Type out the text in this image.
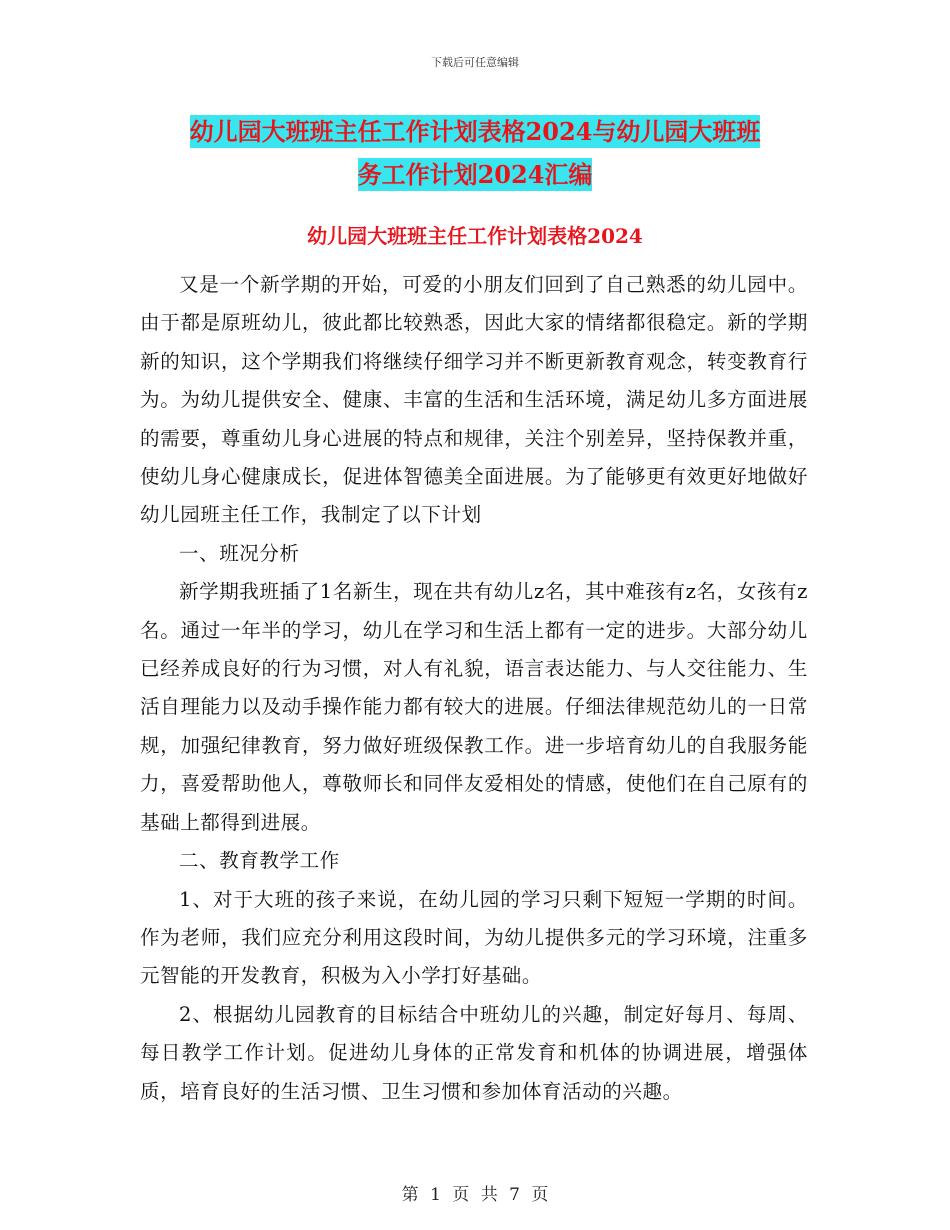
下载后可任意编辑
幼儿园大班班主任工作计划表格2024与幼儿园大班班
务工作计划2024汇编
幼儿园大班班主任工作计划表格2024

又是一个新学期的开始，可爱的小朋友们回到了自己熟悉的幼儿园中。由于都是原班幼儿，彼此都比较熟悉，因此大家的情绪都很稳定。新的学期新的知识，这个学期我们将继续仔细学习并不断更新教育观念，转变教育行为。为幼儿提供安全、健康、丰富的生活和生活环境，满足幼儿多方面进展的需要，尊重幼儿身心进展的特点和规律，关注个别差异，坚持保教并重，使幼儿身心健康成长，促进体智德美全面进展。为了能够更有效更好地做好幼儿园班主任工作，我制定了以下计划

一、班况分析

新学期我班插了1名新生，现在共有幼儿z名，其中难孩有z名，女孩有z名。通过一年半的学习，幼儿在学习和生活上都有一定的进步。大部分幼儿已经养成良好的行为习惯，对人有礼貌，语言表达能力、与人交往能力、生活自理能力以及动手操作能力都有较大的进展。仔细法律规范幼儿的一日常规，加强纪律教育，努力做好班级保教工作。进一步培育幼儿的自我服务能力，喜爱帮助他人，尊敬师长和同伴友爱相处的情感，使他们在自己原有的基础上都得到进展。

二、教育教学工作

1、对于大班的孩子来说，在幼儿园的学习只剩下短短一学期的时间。作为老师，我们应充分利用这段时间，为幼儿提供多元的学习环境，注重多元智能的开发教育，积极为入小学打好基础。

2、根据幼儿园教育的目标结合中班幼儿的兴趣，制定好每月、每周、每日教学工作计划。促进幼儿身体的正常发育和机体的协调进展，增强体质，培育良好的生活习惯、卫生习惯和参加体育活动的兴趣。

第 1 页 共 7 页
